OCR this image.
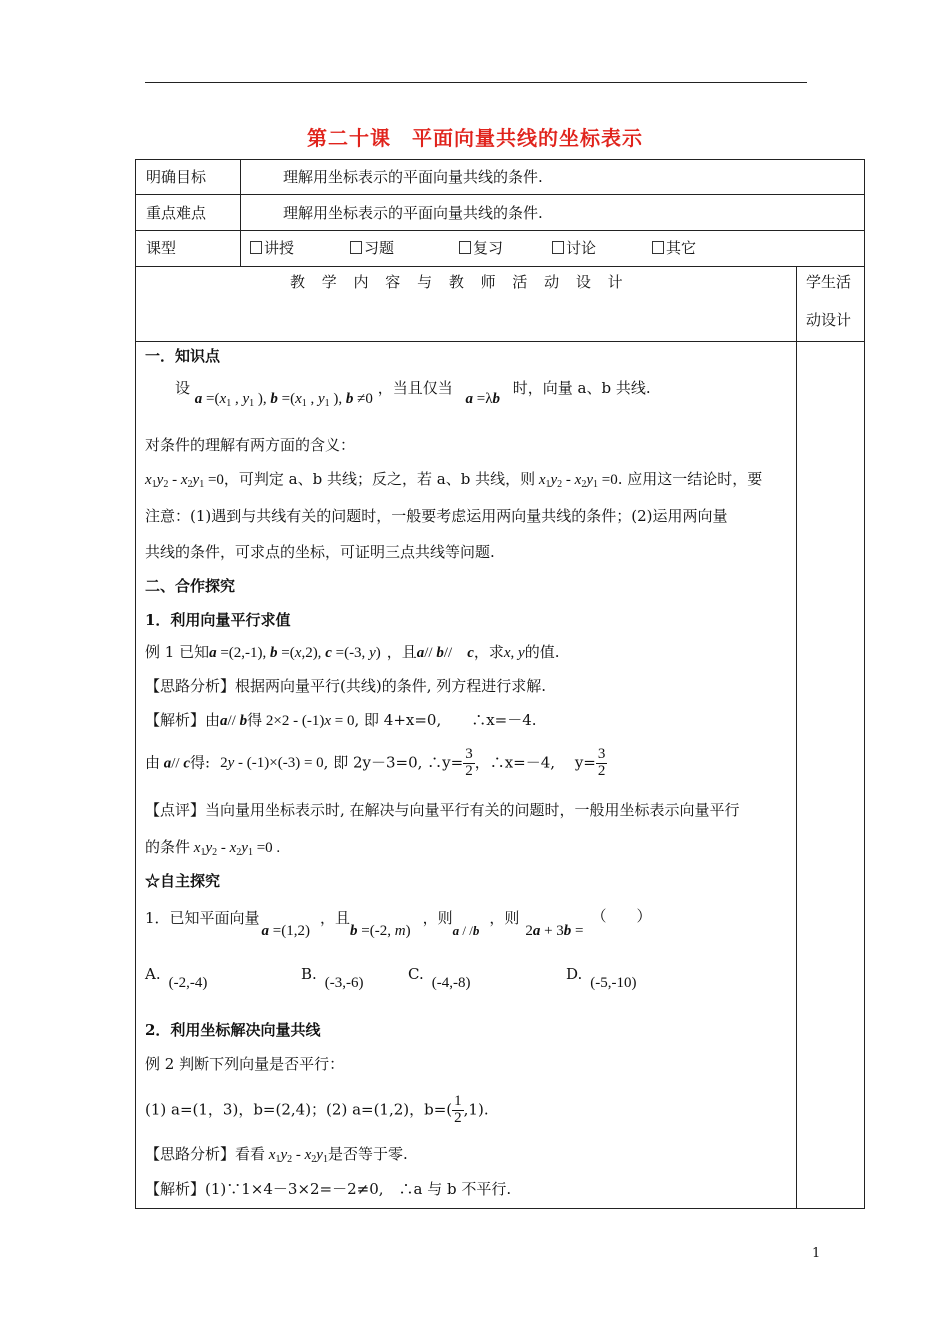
第二十课　平面向量共线的坐标表示
明确目标	理解用坐标表示的平面向量共线的条件.
重点难点	理解用坐标表示的平面向量共线的条件.
课型	讲授	习题	复习	讨论	其它
教 学 内 容 与 教 师 活 动 设 计	学生活
动设计
一．知识点
设 $a =(x_1$ , $y_1$ ), $b =(x_1$ , $y_1$ ), b ≠0 ，当且仅当 a =λb 时，向量 a、b 共线.
对条件的理解有两方面的含义：
$x_1y_2 - x_2y_1 =0$，可判定 a、b 共线；反之，若 a、b 共线，则 $x_1y_2 - x_2y_1 =0$. 应用这一结论时，要
注意：(1)遇到与共线有关的问题时，一般要考虑运用两向量共线的条件；(2)运用两向量
共线的条件，可求点的坐标，可证明三点共线等问题.
二、合作探究
1．利用向量平行求值
例 1 已知a =(2,-1), b =(x,2), c =(-3, y) ，且a// b//　c，求x, y的值.
【思路分析】根据两向量平行(共线)的条件, 列方程进行求解.
【解析】由a// b得 2×2 - (-1)x = 0, 即 4+x=0,　　∴x=－4.
由 a// c得: 2y - (-1)×(-3) = 0, 即 2y－3=0, ∴y= $\frac{3}{2}$ ，∴x=－4,　 $y= \frac{3}{2}$
【点评】当向量用坐标表示时, 在解决与向量平行有关的问题时，一般用坐标表示向量平行
的条件 $x_1y_2 - x_2y_1 =0$ .
☆自主探究
1．已知平面向量a =(1,2)，且b =(-2, m)，则a / /b，则2a + 3b =（　　）
A. (-2,-4)	B. (-3,-6)	C. (-4,-8)	D. (-5,-10)
2．利用坐标解决向量共线
例 2 判断下列向量是否平行：
(1) a=(1，3)，b=(2,4)；(2) a=(1,2)，$b=( \frac{1}{2} ,1)$.
【思路分析】看看 $x_1y_2 - x_2y_1$是否等于零.
【解析】(1)∵1×4－3×2=－2≠0,　∴a 与 b 不平行.
1
